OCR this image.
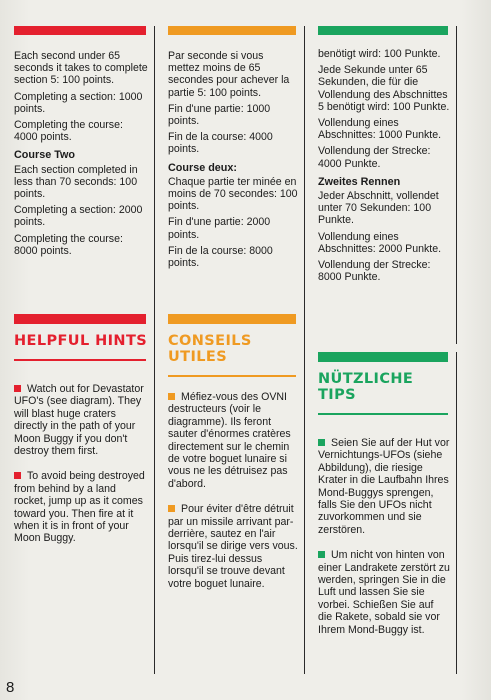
Each second under 65 seconds it takes to complete section 5: 100 points.

Completing a section: 1000 points.

Completing the course: 4000 points.

Course Two

Each section completed in less than 70 seconds: 100 points.

Completing a section: 2000 points.

Completing the course: 8000 points.

Par seconde si vous mettez moins de 65 secondes pour achever la partie 5: 100 points.

Fin d'une partie: 1000 points.

Fin de la course: 4000 points.

Course deux:

Chaque partie ter minée en moins de 70 secondes: 100 points.

Fin d'une partie: 2000 points.

Fin de la course: 8000 points.

benötigt wird: 100 Punkte.

Jede Sekunde unter 65 Sekunden, die für die Vollendung des Abschnittes 5 benötigt wird: 100 Punkte.

Vollendung eines Abschnittes: 1000 Punkte.

Vollendung der Strecke: 4000 Punkte.

Zweites Rennen

Jeder Abschnitt, vollendet unter 70 Sekunden: 100 Punkte.

Vollendung eines Abschnittes: 2000 Punkte.

Vollendung der Strecke: 8000 Punkte.

HELPFUL HINTS

Watch out for Devastator UFO's (see diagram). They will blast huge craters directly in the path of your Moon Buggy if you don't destroy them first.

To avoid being destroyed from behind by a land rocket, jump up as it comes toward you. Then fire at it when it is in front of your Moon Buggy.

CONSEILS
UTILES

Méfiez-vous des OVNI destructeurs (voir le diagramme). Ils feront sauter d'énormes cratères directement sur le chemin de votre boguet lunaire si vous ne les détruisez pas d'abord.

Pour éviter d'être détruit par un missile arrivant par-derrière, sautez en l'air lorsqu'il se dirige vers vous. Puis tirez-lui dessus lorsqu'il se trouve devant votre boguet lunaire.

NÜTZLICHE TIPS

Seien Sie auf der Hut vor Vernichtungs-UFOs (siehe Abbildung), die riesige Krater in die Laufbahn Ihres Mond-Buggys sprengen, falls Sie den UFOs nicht zuvorkommen und sie zerstören.

Um nicht von hinten von einer Landrakete zerstört zu werden, springen Sie in die Luft und lassen Sie sie vorbei. Schießen Sie auf die Rakete, sobald sie vor Ihrem Mond-Buggy ist.

8
